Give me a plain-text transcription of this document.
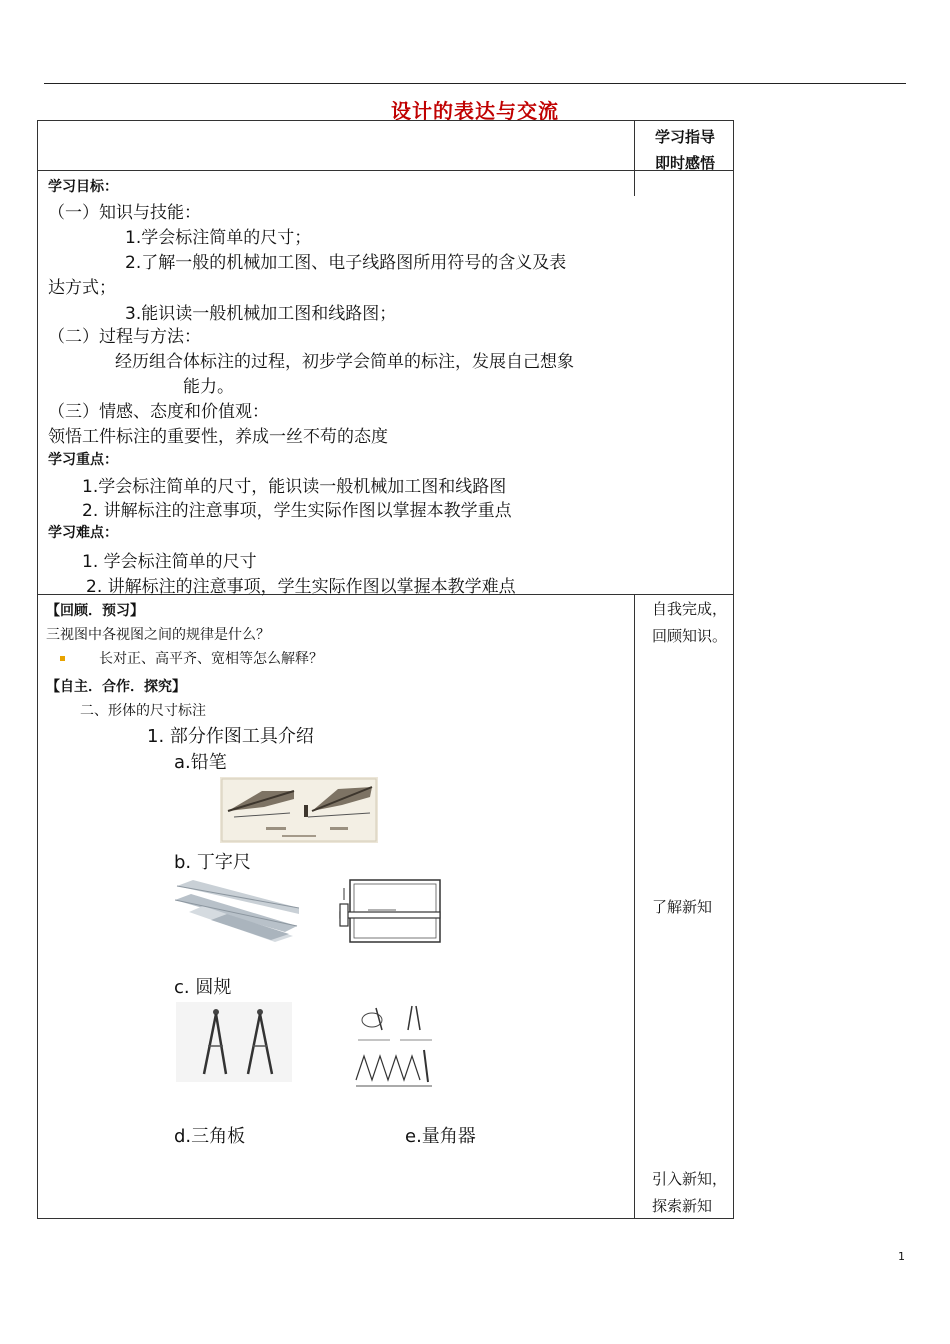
设计的表达与交流
学习指导
即时感悟
学习目标：
（一）知识与技能：
1.学会标注简单的尺寸；
2.了解一般的机械加工图、电子线路图所用符号的含义及表
达方式；
3.能识读一般机械加工图和线路图；
（二）过程与方法：
经历组合体标注的过程，初步学会简单的标注，发展自己想象
能力。
（三）情感、态度和价值观：
领悟工件标注的重要性，养成一丝不苟的态度
学习重点：
1.学会标注简单的尺寸，能识读一般机械加工图和线路图
2. 讲解标注的注意事项，学生实际作图以掌握本教学重点
学习难点：
1. 学会标注简单的尺寸
2. 讲解标注的注意事项，学生实际作图以掌握本教学难点
【回顾．预习】
三视图中各视图之间的规律是什么？
长对正、高平齐、宽相等怎么解释？
【自主．合作．探究】
二、形体的尺寸标注
1. 部分作图工具介绍
a.铅笔
b. 丁字尺
c. 圆规
d.三角板	e.量角器
自我完成，
回顾知识。
了解新知
引入新知，
探索新知
1
